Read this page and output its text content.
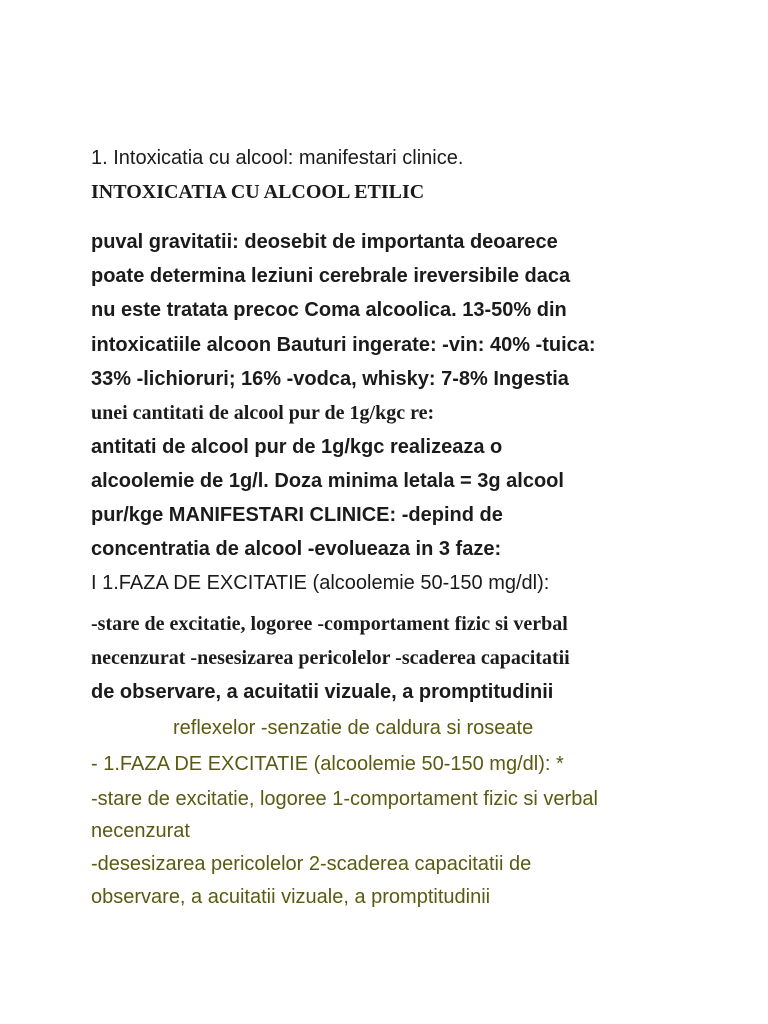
1. Intoxicatia cu alcool: manifestari clinice.
INTOXICATIA CU ALCOOL ETILIC
puval gravitatii: deosebit de importanta deoarece
poate determina leziuni cerebrale ireversibile daca
nu este tratata precoc Coma alcoolica. 13-50% din
intoxicatiile alcoon Bauturi ingerate: -vin: 40% -tuica:
33% -lichiorurі; 16% -vodca, whisky: 7-8% Ingestia
unei cantitati de alcool pur de 1g/kgc re:
antitati de alcool pur de 1g/kgc realizeaza o
alcoolemie de 1g/l. Doza minima letala = 3g alcool
pur/kge MANIFESTARI CLINICE: -depind de
concentratia de alcool -evolueaza in 3 faze:
I 1.FAZA DE EXCITATIE (alcoolemie 50-150 mg/dl):
-stare de excitatie, logoree -comportament fizic si verbal
necenzurat -nesesizarea pericolelor -scaderea capacitatii
de observare, a acuitatii vizuale, a promptitudinii
reflexelor -senzatie de caldura si roseate
- 1.FAZA DE EXCITATIE (alcoolemie 50-150 mg/dl): *
-stare de excitatie, logoree 1-comportament fizic si verbal
necenzurat
-desesizarea pericolelor 2-scaderea capacitatii de
observare, a acuitatii vizuale, a promptitudinii
